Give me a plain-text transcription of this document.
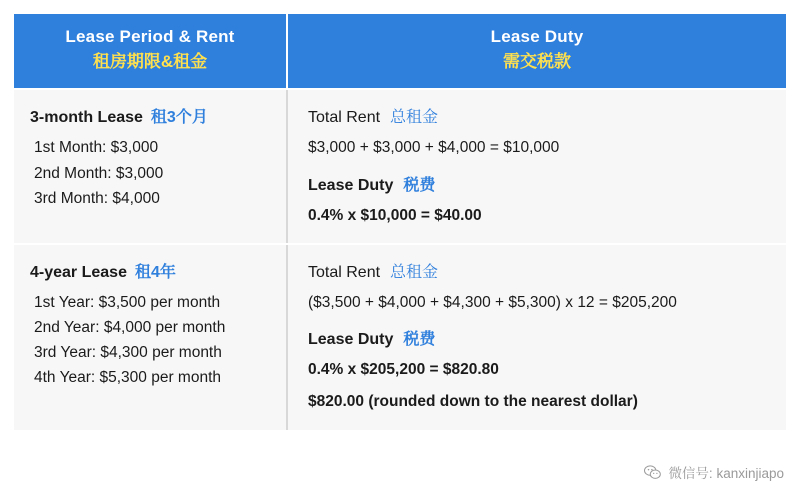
Lease Period & Rent
租房期限&租金
Lease Duty
需交税款
3-month Lease 租3个月
1st Month: $3,000
2nd Month: $3,000
3rd Month: $4,000
Total Rent 总租金
$3,000 + $3,000 + $4,000 = $10,000
Lease Duty 税费
0.4% x $10,000 = $40.00
4-year Lease 租4年
1st Year: $3,500 per month
2nd Year: $4,000 per month
3rd Year: $4,300 per month
4th Year: $5,300 per month
Total Rent 总租金
($3,500 + $4,000 + $4,300 + $5,300) x 12 = $205,200
Lease Duty 税费
0.4% x $205,200 = $820.80
$820.00 (rounded down to the nearest dollar)
微信号: kanxinjiapo
